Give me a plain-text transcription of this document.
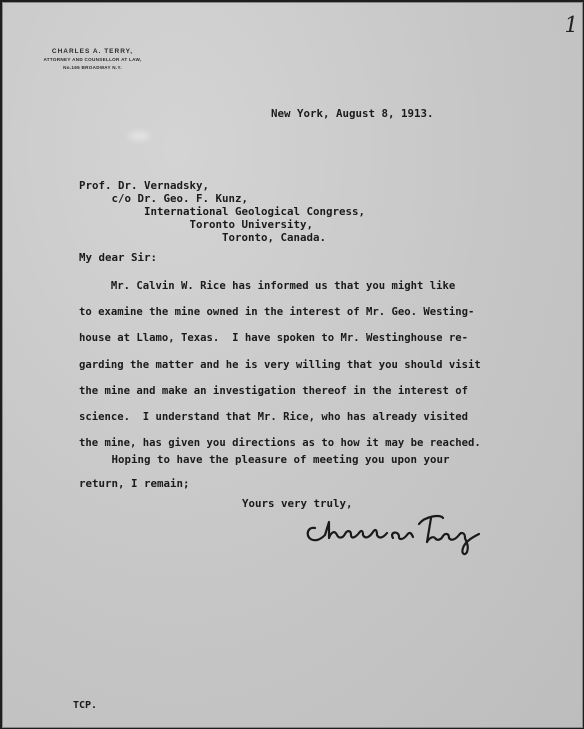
CHARLES A. TERRY,
ATTORNEY AND COUNSELLOR AT LAW,
No.165 BROADWAY N.Y.
1
New York, August 8, 1913.
Prof. Dr. Vernadsky,
c/o Dr. Geo. F. Kunz,
International Geological Congress,
Toronto University,
Toronto, Canada.
My dear Sir:
Mr. Calvin W. Rice has informed us that you might like
to examine the mine owned in the interest of Mr. Geo. Westing-
house at Llamo, Texas.  I have spoken to Mr. Westinghouse re-
garding the matter and he is very willing that you should visit
the mine and make an investigation thereof in the interest of
science.  I understand that Mr. Rice, who has already visited
the mine, has given you directions as to how it may be reached.
Hoping to have the pleasure of meeting you upon your
return, I remain;
Yours very truly,
TCP.
